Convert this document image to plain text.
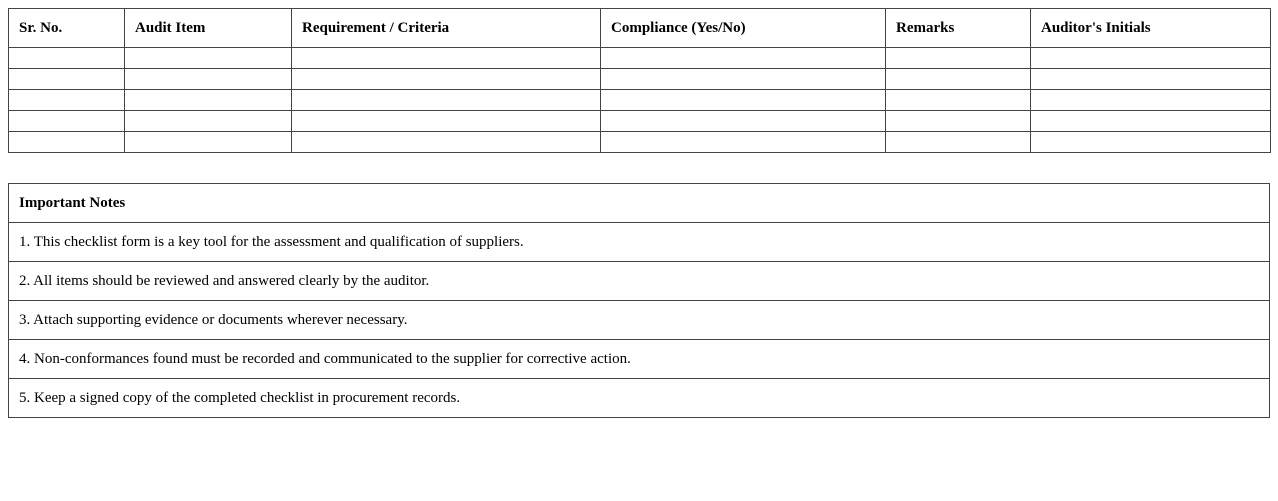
Sr. No.	Audit Item	Requirement / Criteria	Compliance (Yes/No)	Remarks	Auditor's Initials

Important Notes
1. This checklist form is a key tool for the assessment and qualification of suppliers.
2. All items should be reviewed and answered clearly by the auditor.
3. Attach supporting evidence or documents wherever necessary.
4. Non-conformances found must be recorded and communicated to the supplier for corrective action.
5. Keep a signed copy of the completed checklist in procurement records.
